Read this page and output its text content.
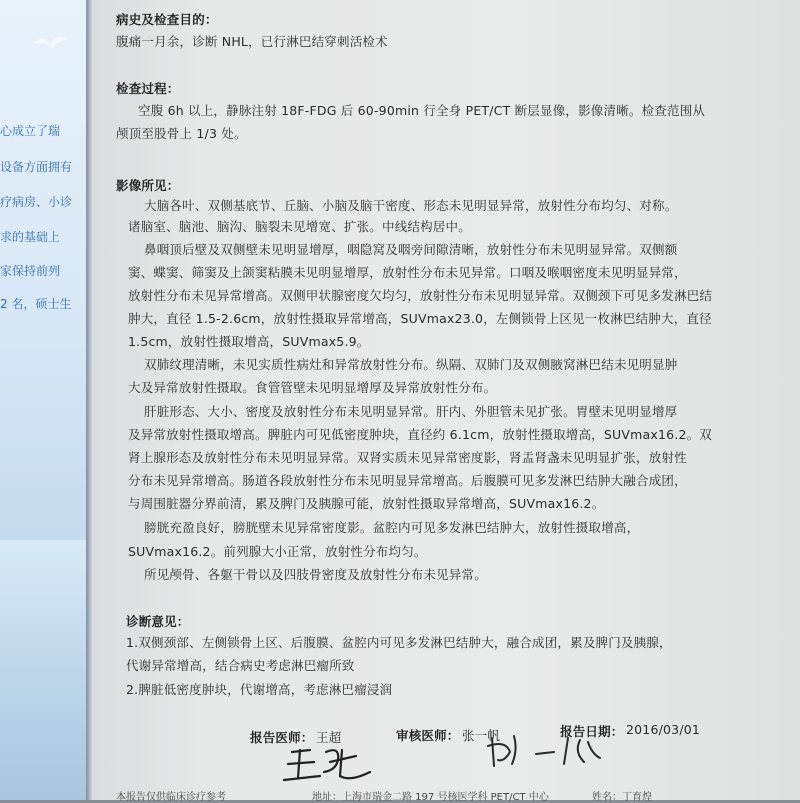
心成立了瑞
设备方面拥有
疗病房、小诊
求的基础上
家保持前列
2 名，硕士生
病史及检查目的：
腹痛一月余，诊断 NHL，已行淋巴结穿刺活检术
检查过程：
空腹 6h 以上，静脉注射 18F-FDG 后 60-90min 行全身 PET/CT 断层显像，影像清晰。检查范围从
颅顶至股骨上 1/3 处。
影像所见：
大脑各叶、双侧基底节、丘脑、小脑及脑干密度、形态未见明显异常，放射性分布均匀、对称。
诸脑室、脑池、脑沟、脑裂未见增宽、扩张。中线结构居中。
鼻咽顶后壁及双侧壁未见明显增厚，咽隐窝及咽旁间隙清晰，放射性分布未见明显异常。双侧额
窦、蝶窦、筛窦及上颌窦粘膜未见明显增厚，放射性分布未见异常。口咽及喉咽密度未见明显异常，
放射性分布未见异常增高。双侧甲状腺密度欠均匀，放射性分布未见明显异常。双侧颈下可见多发淋巴结
肿大，直径 1.5-2.6cm，放射性摄取异常增高，SUVmax23.0，左侧锁骨上区见一枚淋巴结肿大，直径
1.5cm，放射性摄取增高，SUVmax5.9。
双肺纹理清晰，未见实质性病灶和异常放射性分布。纵隔、双肺门及双侧腋窝淋巴结未见明显肿
大及异常放射性摄取。食管管壁未见明显增厚及异常放射性分布。
肝脏形态、大小、密度及放射性分布未见明显异常。肝内、外胆管未见扩张。胃壁未见明显增厚
及异常放射性摄取增高。脾脏内可见低密度肿块，直径约 6.1cm，放射性摄取增高，SUVmax16.2。双
肾上腺形态及放射性分布未见明显异常。双肾实质未见异常密度影，肾盂肾盏未见明显扩张，放射性
分布未见异常增高。肠道各段放射性分布未见明显异常增高。后腹膜可见多发淋巴结肿大融合成团，
与周围脏器分界前清，累及脾门及胰腺可能，放射性摄取异常增高，SUVmax16.2。
膀胱充盈良好，膀胱壁未见异常密度影。盆腔内可见多发淋巴结肿大，放射性摄取增高，
SUVmax16.2。前列腺大小正常，放射性分布均匀。
所见颅骨、各躯干骨以及四肢骨密度及放射性分布未见异常。
诊断意见：
1.双侧颈部、左侧锁骨上区、后腹膜、盆腔内可见多发淋巴结肿大，融合成团，累及脾门及胰腺，
代谢异常增高，结合病史考虑淋巴瘤所致
2.脾脏低密度肿块，代谢增高，考虑淋巴瘤浸润
报告医师： 王超	审核医师： 张一帆	报告日期： 2016/03/01
本报告仅供临床诊疗参考	地址：上海市瑞金二路 197 号核医学科 PET/CT 中心	姓名：丁育煌
